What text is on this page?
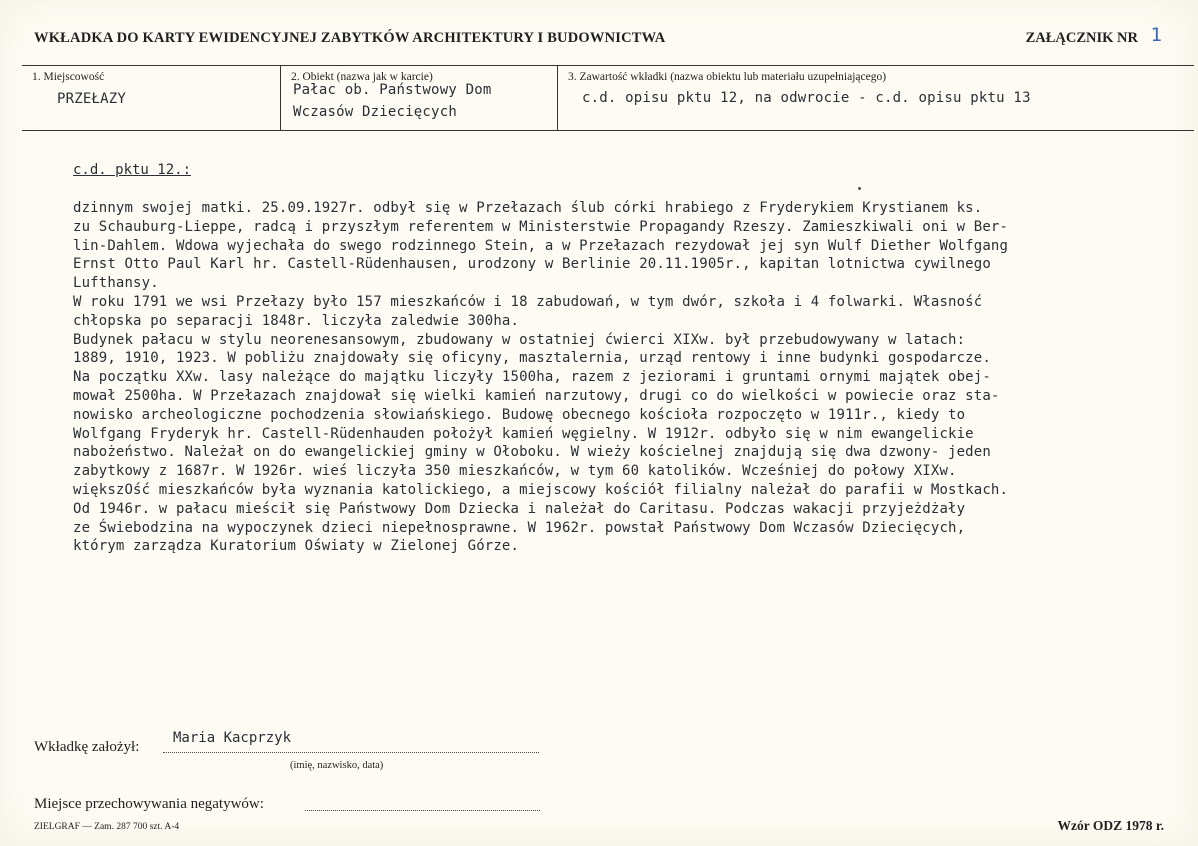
WKŁADKA DO KARTY EWIDENCYJNEJ ZABYTKÓW ARCHITEKTURY I BUDOWNICTWA	ZAŁĄCZNIK NR 1
1. Miejscowość
PRZEŁAZY
2. Obiekt (nazwa jak w karcie)
Pałac ob. Państwowy Dom
Wczasów Dziecięcych
3. Zawartość wkładki (nazwa obiektu lub materiału uzupełniającego)
c.d. opisu pktu 12, na odwrocie - c.d. opisu pktu 13
c.d. pktu 12.:

dzinnym swojej matki. 25.09.1927r. odbył się w Przełazach ślub córki hrabiego z Fryderykiem Krystianem ks.

zu Schauburg-Lieppe, radcą i przyszłym referentem w Ministerstwie Propagandy Rzeszy. Zamieszkiwali oni w Ber-

lin-Dahlem. Wdowa wyjechała do swego rodzinnego Stein, a w Przełazach rezydował jej syn Wulf Diether Wolfgang

Ernst Otto Paul Karl hr. Castell-Rüdenhausen, urodzony w Berlinie 20.11.1905r., kapitan lotnictwa cywilnego

Lufthansy.

W roku 1791 we wsi Przełazy było 157 mieszkańców i 18 zabudowań, w tym dwór, szkoła i 4 folwarki. Własność

chłopska po separacji 1848r. liczyła zaledwie 300ha.

Budynek pałacu w stylu neorenesansowym, zbudowany w ostatniej ćwierci XIXw. był przebudowywany w latach:

1889, 1910, 1923. W pobliżu znajdowały się oficyny, masztalernia, urząd rentowy i inne budynki gospodarcze.

Na początku XXw. lasy należące do majątku liczyły 1500ha, razem z jeziorami i gruntami ornymi majątek obej-

mował 2500ha. W Przełazach znajdował się wielki kamień narzutowy, drugi co do wielkości w powiecie oraz sta-

nowisko archeologiczne pochodzenia słowiańskiego. Budowę obecnego kościoła rozpoczęto w 1911r., kiedy to

Wolfgang Fryderyk hr. Castell-Rüdenhauden położył kamień węgielny. W 1912r. odbyło się w nim ewangelickie

nabożeństwo. Należał on do ewangelickiej gminy w Ołoboku. W wieży kościelnej znajdują się dwa dzwony- jeden

zabytkowy z 1687r. W 1926r. wieś liczyła 350 mieszkańców, w tym 60 katolików. Wcześniej do połowy XIXw.

większOść mieszkańców była wyznania katolickiego, a miejscowy kościół filialny należał do parafii w Mostkach.

Od 1946r. w pałacu mieścił się Państwowy Dom Dziecka i należał do Caritasu. Podczas wakacji przyjeżdżały

ze Świebodzina na wypoczynek dzieci niepełnosprawne. W 1962r. powstał Państwowy Dom Wczasów Dziecięcych,

którym zarządza Kuratorium Oświaty w Zielonej Górze.

Wkładkę założył:
Maria Kacprzyk
(imię, nazwisko, data)
Miejsce przechowywania negatywów:
ZIELGRAF — Zam. 287 700 szt. A-4	Wzór ODZ 1978 r.
